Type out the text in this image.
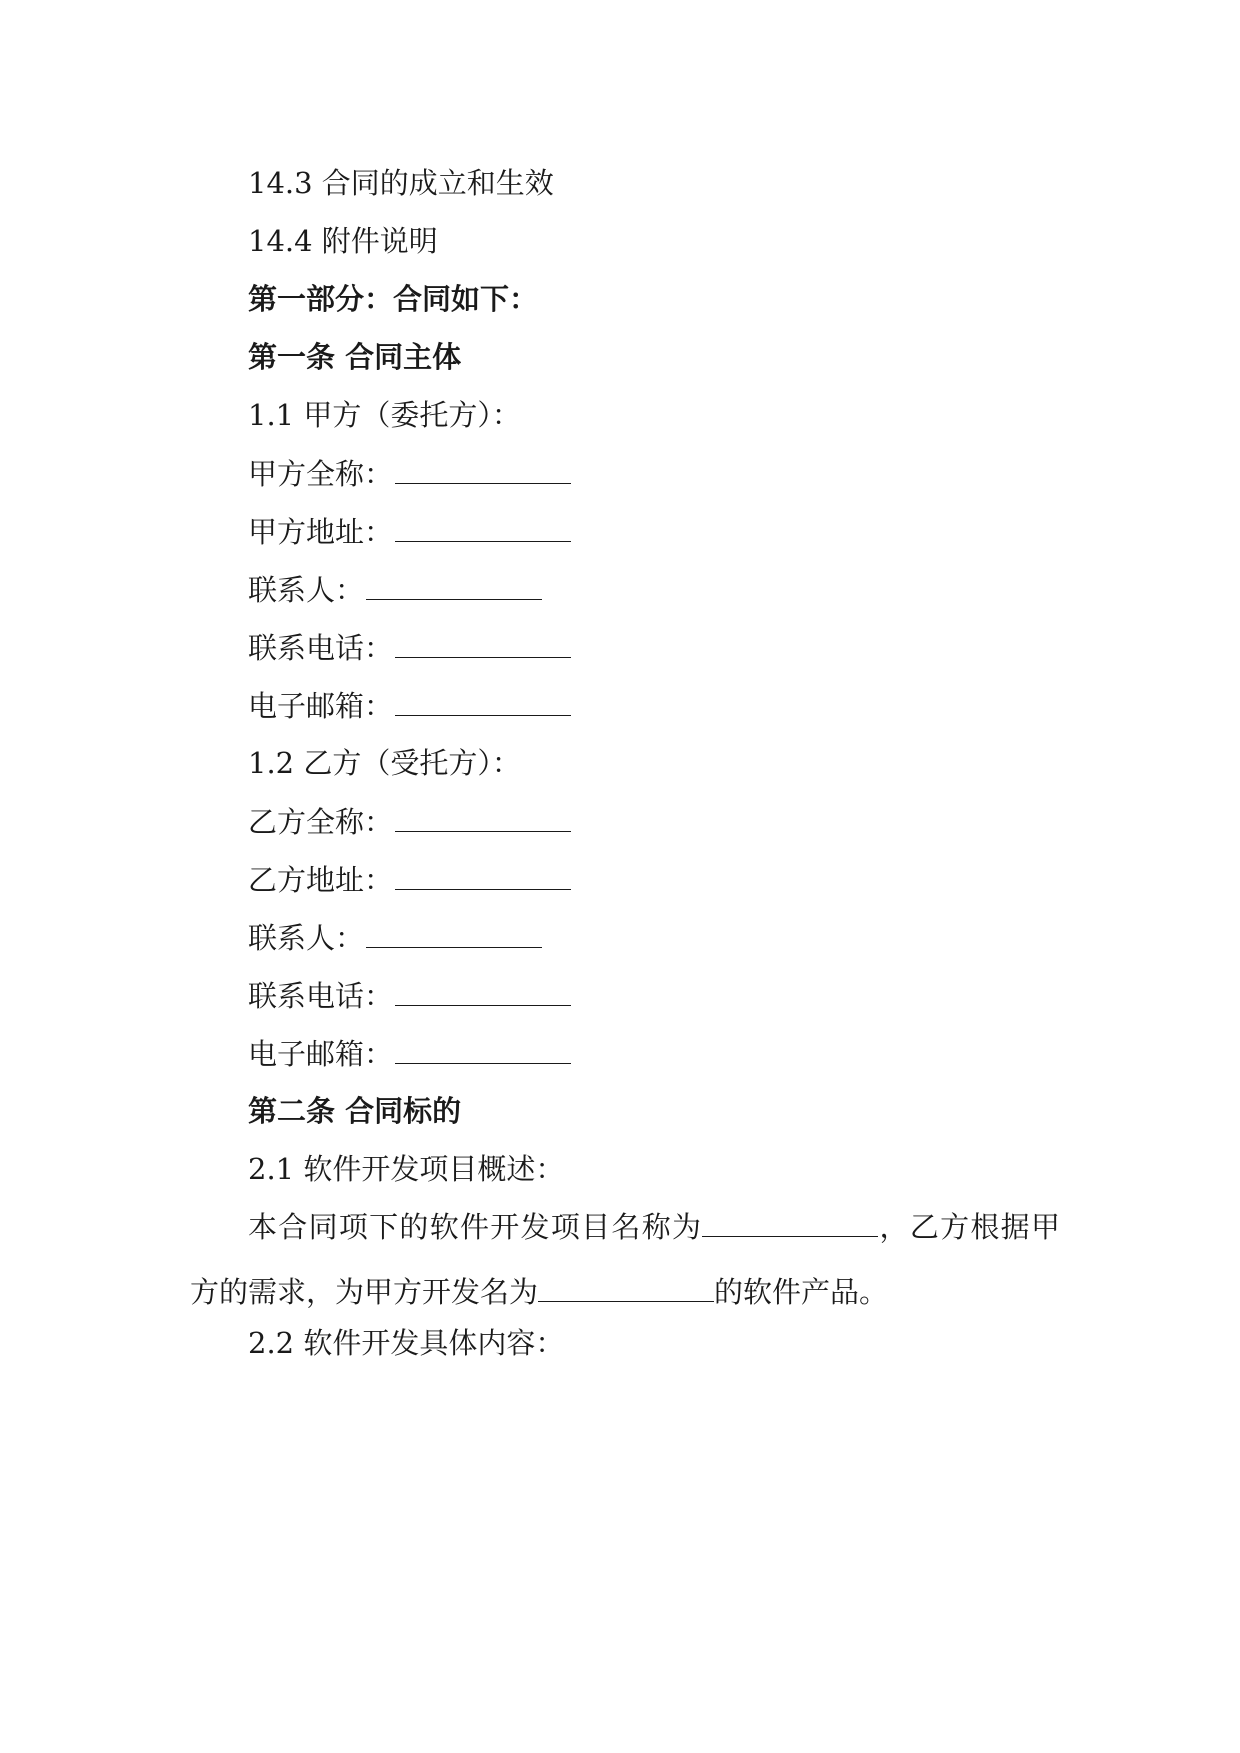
14.3 合同的成立和生效
14.4 附件说明
第一部分：合同如下：
第一条 合同主体
1.1 甲方（委托方）：
甲方全称：
甲方地址：
联系人：
联系电话：
电子邮箱：
1.2 乙方（受托方）：
乙方全称：
乙方地址：
联系人：
联系电话：
电子邮箱：
第二条 合同标的
2.1 软件开发项目概述：
本合同项下的软件开发项目名称为	，乙方根据甲方的需求，为甲方开发名为	的软件产品。
2.2 软件开发具体内容：
